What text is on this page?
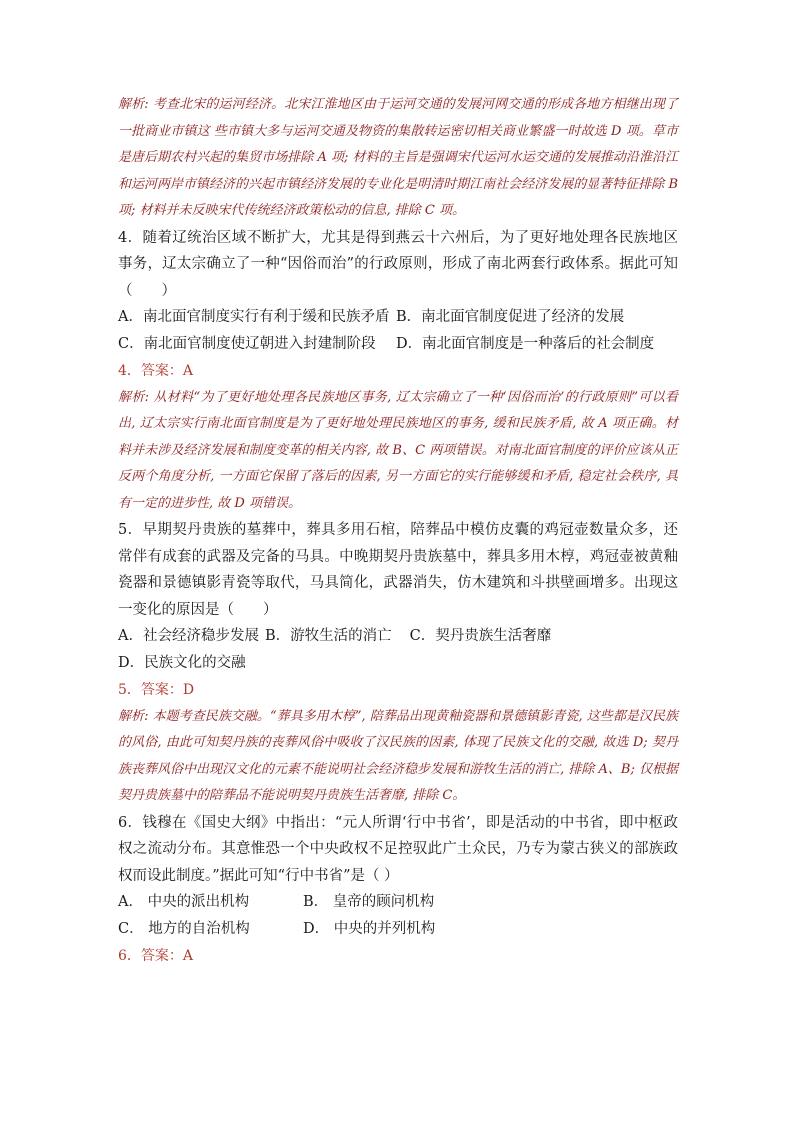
解析: 考查北宋的运河经济。北宋江淮地区由于运河交通的发展河网交通的形成各地方相继出现了一批商业市镇这 些市镇大多与运河交通及物资的集散转运密切相关商业繁盛一时故选 D 项。草市是唐后期农村兴起的集贸市场排除 A 项; 材料的主旨是强调宋代运河水运交通的发展推动沿淮沿江和运河两岸市镇经济的兴起市镇经济发展的专业化是明清时期江南社会经济发展的显著特征排除 B 项; 材料并未反映宋代传统经济政策松动的信息, 排除 C 项。

4．随着辽统治区域不断扩大，尤其是得到燕云十六州后，为了更好地处理各民族地区事务，辽太宗确立了一种“因俗而治”的行政原则，形成了南北两套行政体系。据此可知（　　）

A．南北面官制度实行有利于缓和民族矛盾 B．南北面官制度促进了经济的发展
C．南北面官制度使辽朝进入封建制阶段	D．南北面官制度是一种落后的社会制度

4．答案：A

解析: 从材料“为了更好地处理各民族地区事务, 辽太宗确立了一种‘因俗而治’的行政原则”可以看出, 辽太宗实行南北面官制度是为了更好地处理民族地区的事务, 缓和民族矛盾, 故 A 项正确。材料并未涉及经济发展和制度变革的相关内容, 故 B、C 两项错误。对南北面官制度的评价应该从正反两个角度分析, 一方面它保留了落后的因素, 另一方面它的实行能够缓和矛盾, 稳定社会秩序, 具有一定的进步性, 故 D 项错误。

5．早期契丹贵族的墓葬中，葬具多用石棺，陪葬品中模仿皮囊的鸡冠壶数量众多，还常伴有成套的武器及完备的马具。中晚期契丹贵族墓中，葬具多用木椁，鸡冠壶被黄釉瓷器和景德镇影青瓷等取代，马具简化，武器消失，仿木建筑和斗拱壁画增多。出现这一变化的原因是（　　）

A．社会经济稳步发展 B．游牧生活的消亡 C．契丹贵族生活奢靡
D．民族文化的交融

5．答案：D

解析: 本题考查民族交融。“葬具多用木椁”, 陪葬品出现黄釉瓷器和景德镇影青瓷, 这些都是汉民族的风俗, 由此可知契丹族的丧葬风俗中吸收了汉民族的因素, 体现了民族文化的交融, 故选 D; 契丹族丧葬风俗中出现汉文化的元素不能说明社会经济稳步发展和游牧生活的消亡, 排除 A、B; 仅根据契丹贵族墓中的陪葬品不能说明契丹贵族生活奢靡, 排除 C。

6．钱穆在《国史大纲》中指出：“元人所谓‘行中书省’，即是活动的中书省，即中枢政权之流动分布。其意惟恐一个中央政权不足控驭此广土众民，乃专为蒙古狭义的部族政权而设此制度。”据此可知“行中书省”是（ ）

A． 中央的派出机构	B． 皇帝的顾问机构
C． 地方的自治机构	D． 中央的并列机构

6．答案：A
